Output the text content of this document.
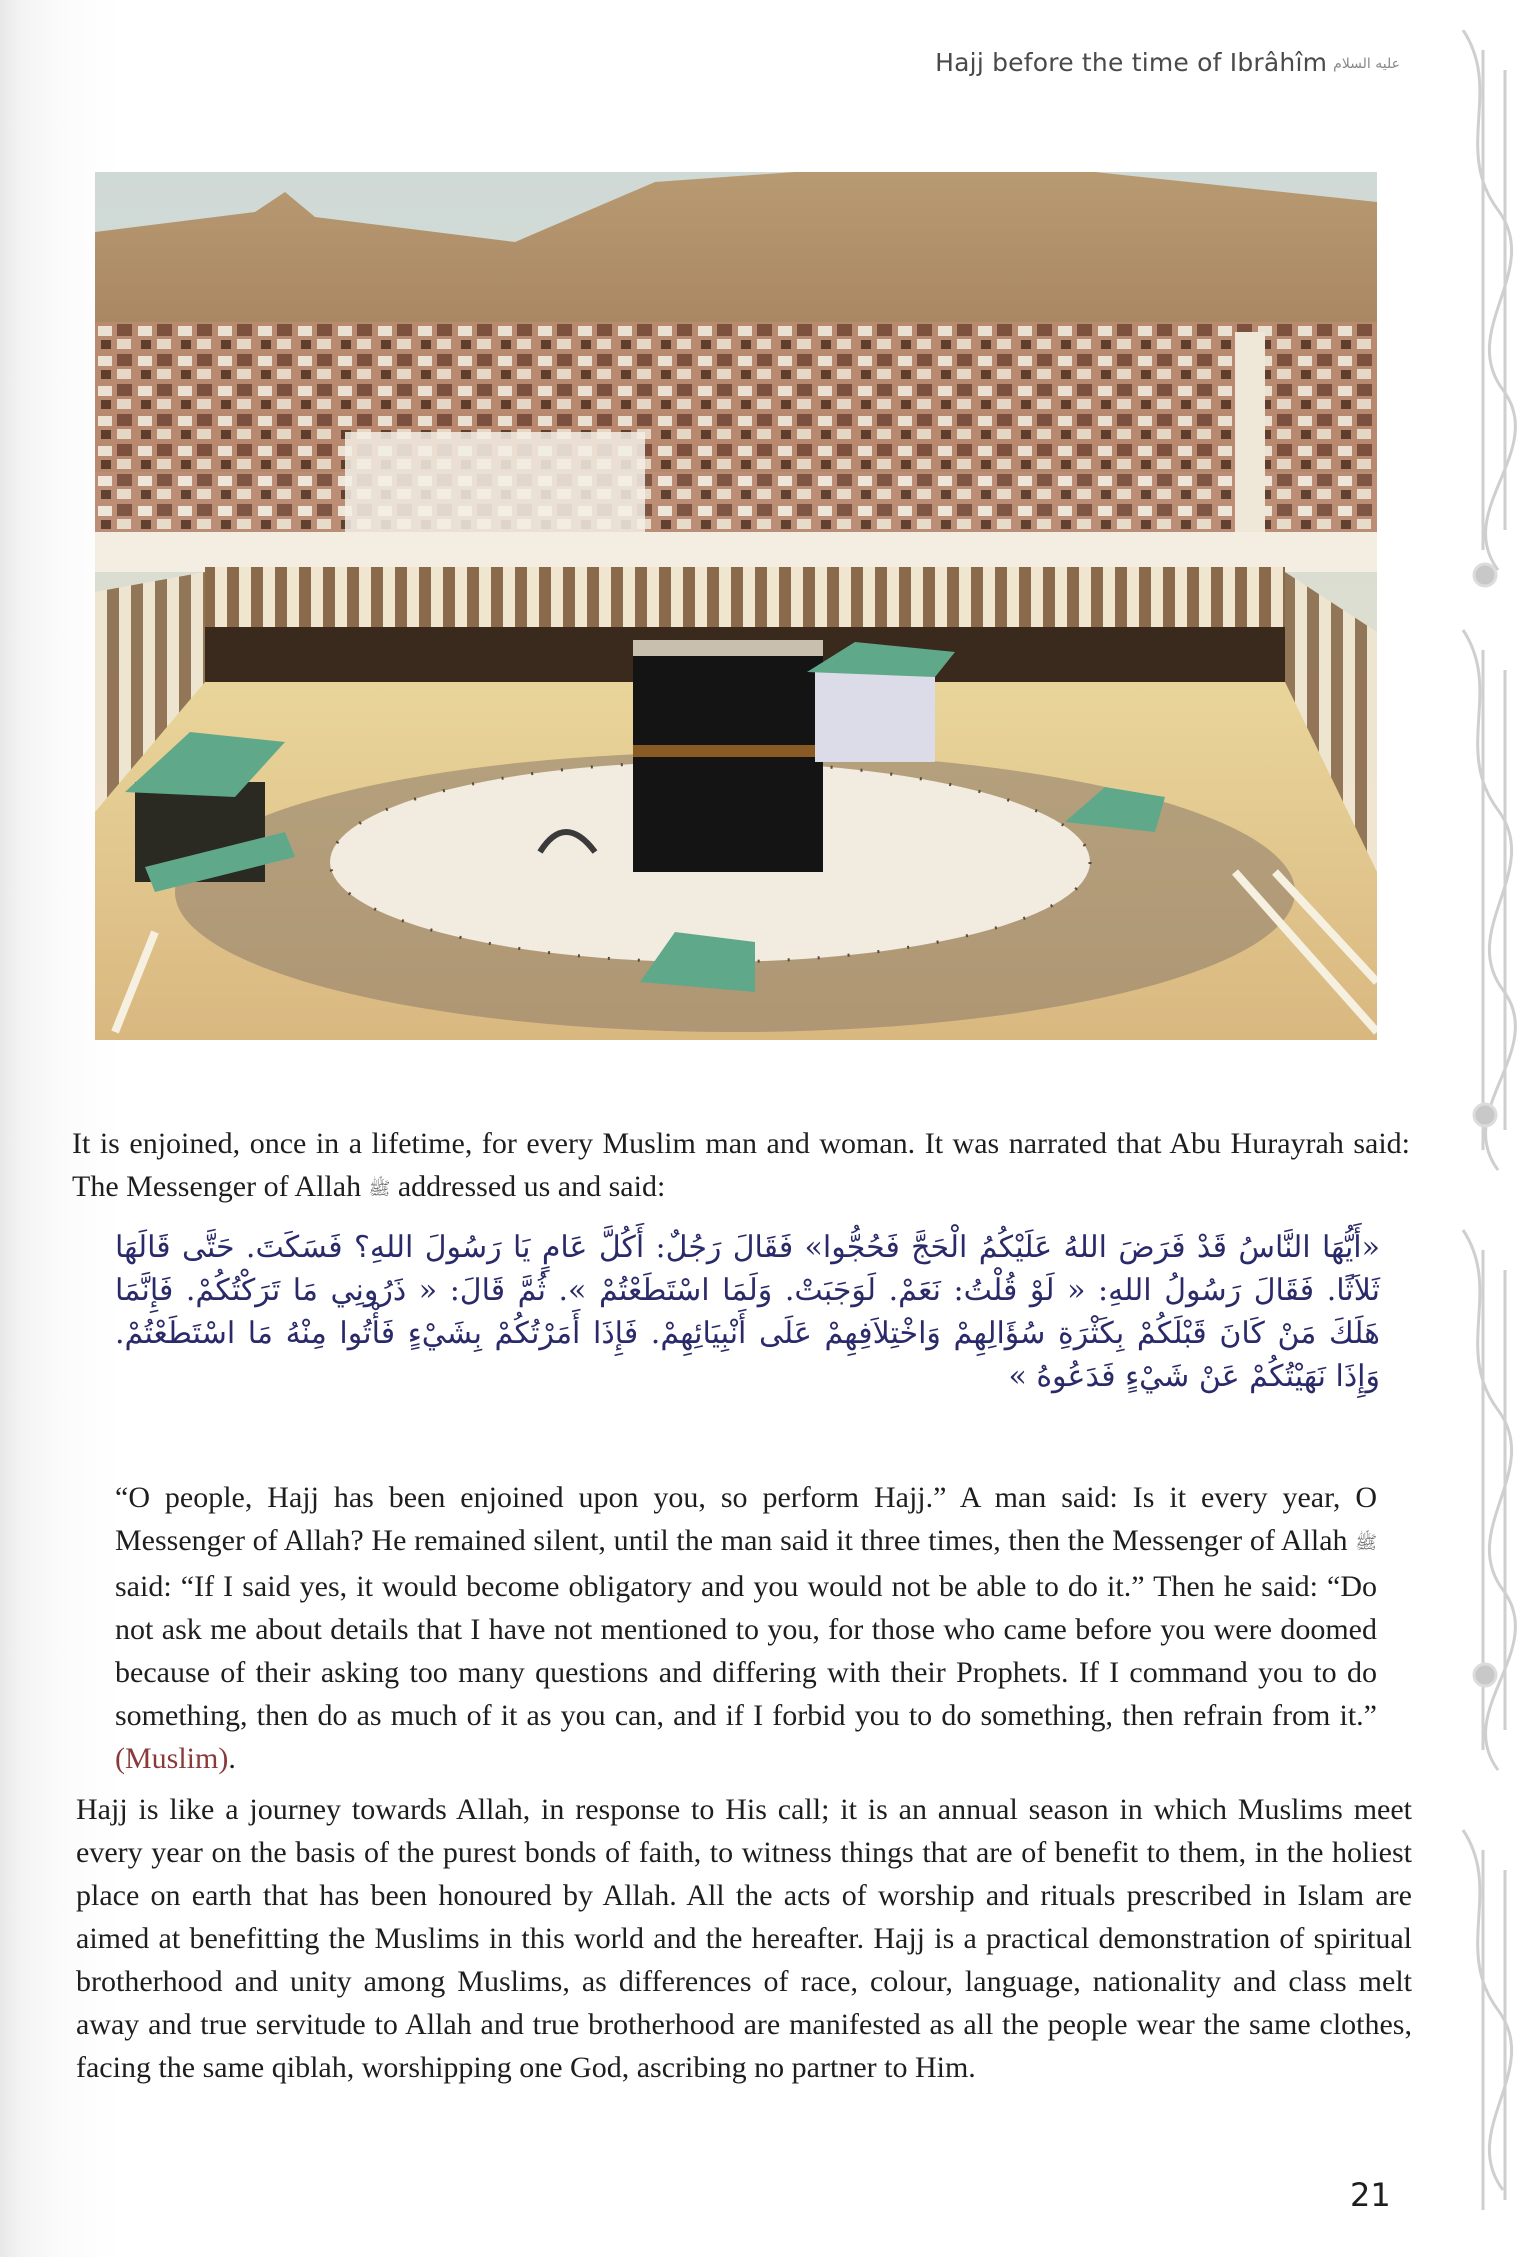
Hajj before the time of Ibrâhîm عليه السلام

It is enjoined, once in a lifetime, for every Muslim man and woman. It was narrated that Abu Hurayrah said: The Messenger of Allah ﷺ addressed us and said:

«أَيُّهَا النَّاسُ قَدْ فَرَضَ اللهُ عَلَيْكُمُ الْحَجَّ فَحُجُّوا» فَقَالَ رَجُلٌ: أَكُلَّ عَامٍ يَا رَسُولَ اللهِ؟ فَسَكَتَ. حَتَّى قَالَهَا ثَلاَثًا. فَقَالَ رَسُولُ اللهِ: « لَوْ قُلْتُ: نَعَمْ. لَوَجَبَتْ. وَلَمَا اسْتَطَعْتُمْ ». ثُمَّ قَالَ: « ذَرُونِي مَا تَرَكْتُكُمْ. فَإِنَّمَا هَلَكَ مَنْ كَانَ قَبْلَكُمْ بِكَثْرَةِ سُؤَالِهِمْ وَاخْتِلاَفِهِمْ عَلَى أَنْبِيَائِهِمْ. فَإِذَا أَمَرْتُكُمْ بِشَيْءٍ فَأْتُوا مِنْهُ مَا اسْتَطَعْتُمْ. وَإِذَا نَهَيْتُكُمْ عَنْ شَيْءٍ فَدَعُوهُ »

“O people, Hajj has been enjoined upon you, so perform Hajj.” A man said: Is it every year, O Messenger of Allah? He remained silent, until the man said it three times, then the Messenger of Allah ﷺ said: “If I said yes, it would become obligatory and you would not be able to do it.” Then he said: “Do not ask me about details that I have not mentioned to you, for those who came before you were doomed because of their asking too many questions and differing with their Prophets. If I command you to do something, then do as much of it as you can, and if I forbid you to do something, then refrain from it.” (Muslim).

Hajj is like a journey towards Allah, in response to His call; it is an annual season in which Muslims meet every year on the basis of the purest bonds of faith, to witness things that are of benefit to them, in the holiest place on earth that has been honoured by Allah. All the acts of worship and rituals prescribed in Islam are aimed at benefitting the Muslims in this world and the hereafter. Hajj is a practical demonstration of spiritual brotherhood and unity among Muslims, as differences of race, colour, language, nationality and class melt away and true servitude to Allah and true brotherhood are manifested as all the people wear the same clothes, facing the same qiblah, worshipping one God, ascribing no partner to Him.

21
